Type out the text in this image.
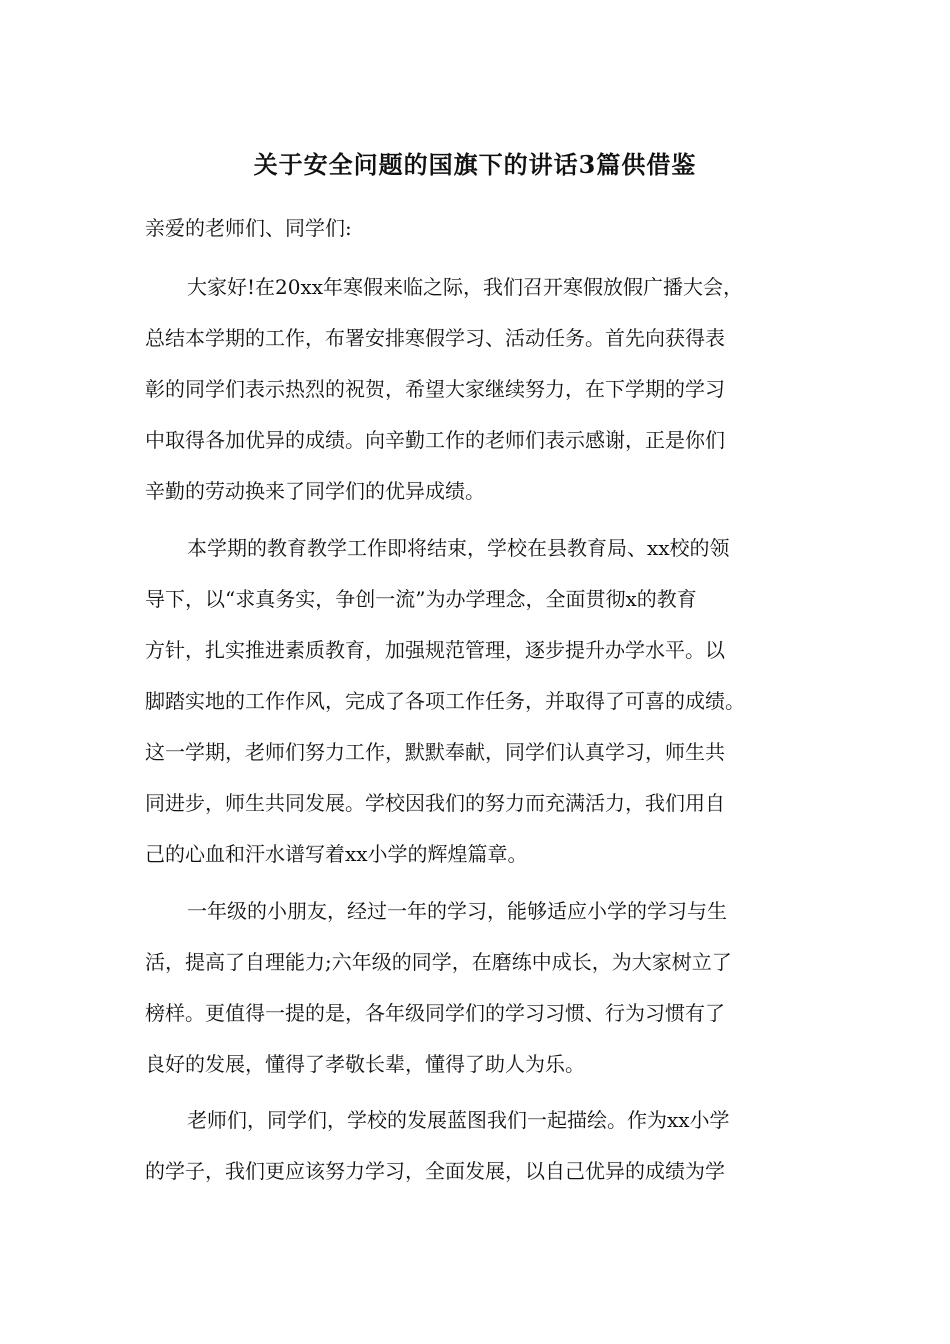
关于安全问题的国旗下的讲话3篇供借鉴

亲爱的老师们、同学们:

大家好!在20xx年寒假来临之际，我们召开寒假放假广播大会，
总结本学期的工作，布署安排寒假学习、活动任务。首先向获得表
彰的同学们表示热烈的祝贺，希望大家继续努力，在下学期的学习
中取得各加优异的成绩。向辛勤工作的老师们表示感谢，正是你们
辛勤的劳动换来了同学们的优异成绩。
本学期的教育教学工作即将结束，学校在县教育局、xx校的领
导下，以“求真务实，争创一流”为办学理念，全面贯彻x的教育
方针，扎实推进素质教育，加强规范管理，逐步提升办学水平。以
脚踏实地的工作作风，完成了各项工作任务，并取得了可喜的成绩。
这一学期，老师们努力工作，默默奉献，同学们认真学习，师生共
同进步，师生共同发展。学校因我们的努力而充满活力，我们用自
己的心血和汗水谱写着xx小学的辉煌篇章。
一年级的小朋友，经过一年的学习，能够适应小学的学习与生
活，提高了自理能力;六年级的同学，在磨练中成长，为大家树立了
榜样。更值得一提的是，各年级同学们的学习习惯、行为习惯有了
良好的发展，懂得了孝敬长辈，懂得了助人为乐。
老师们，同学们，学校的发展蓝图我们一起描绘。作为xx小学
的学子，我们更应该努力学习，全面发展，以自己优异的成绩为学
